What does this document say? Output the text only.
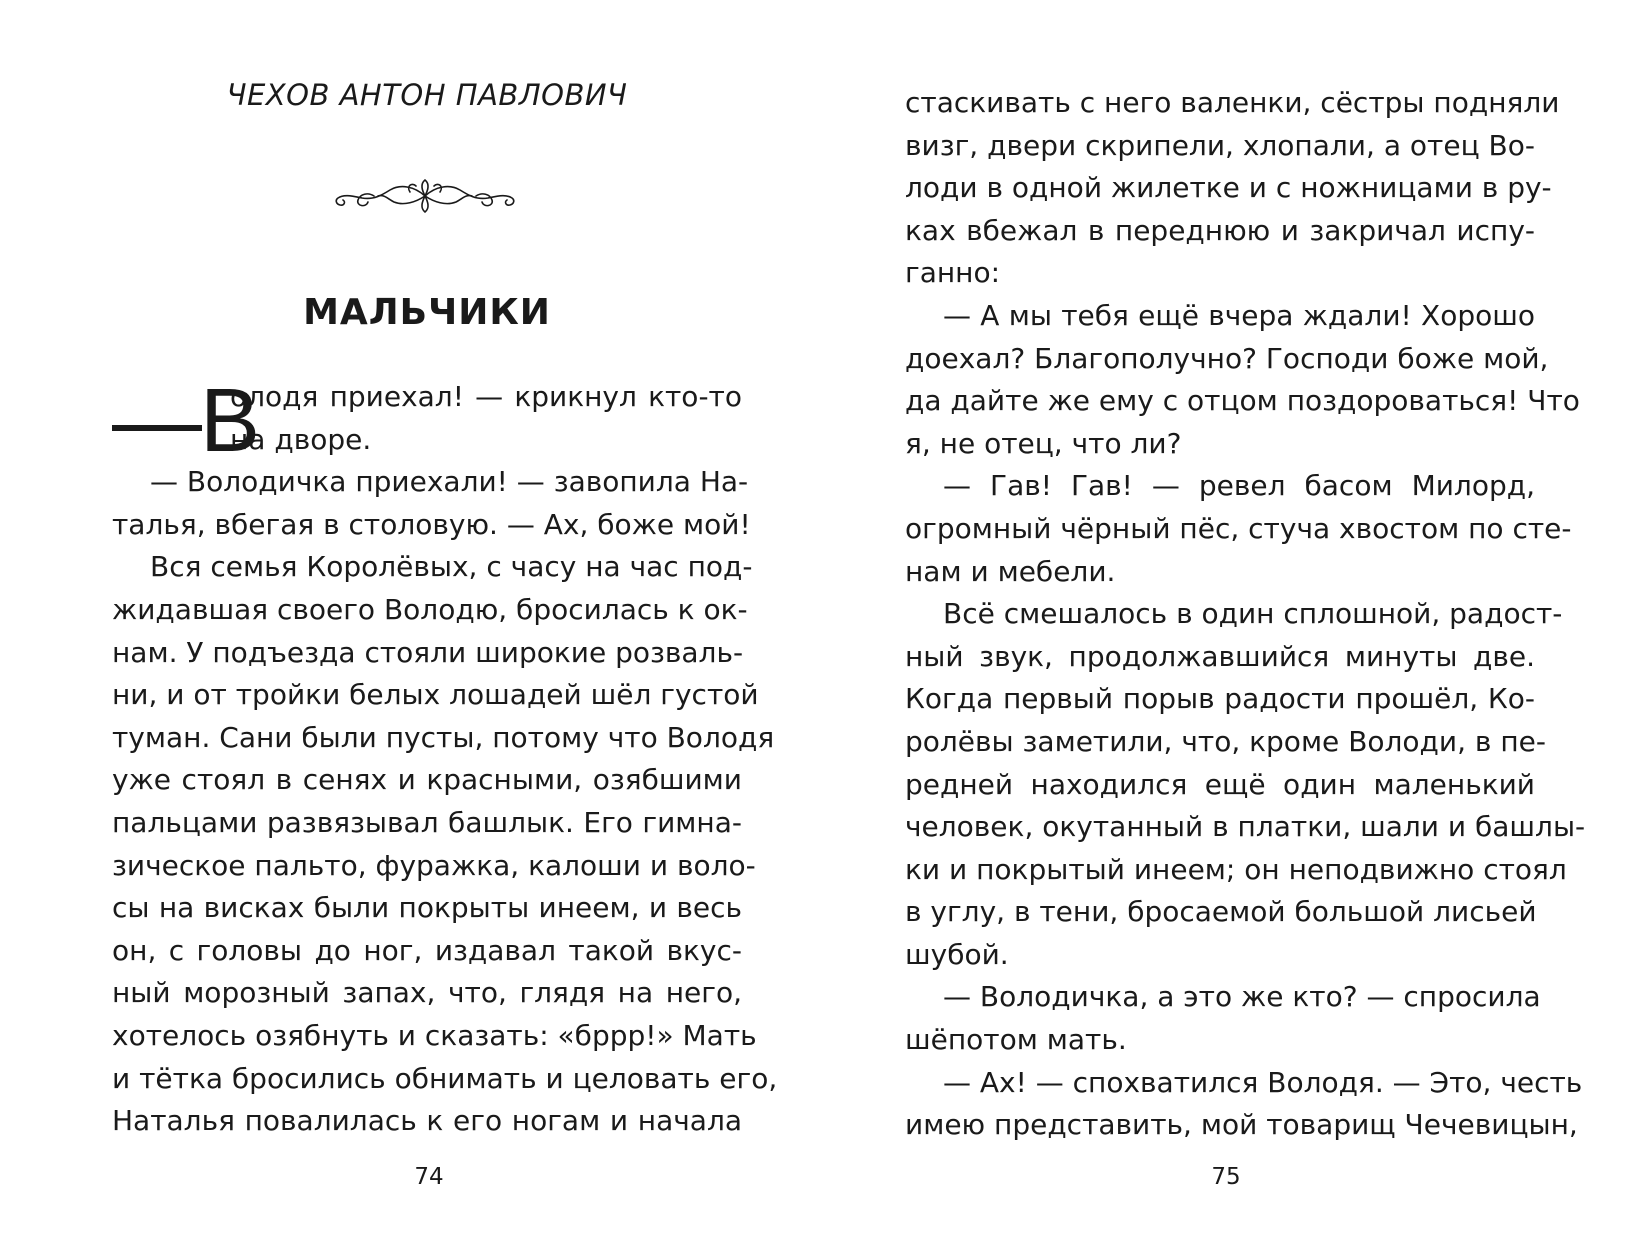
ЧЕХОВ АНТОН ПАВЛОВИЧ
МАЛЬЧИКИ
—В
олодя приехал! — крикнул кто-то
на дворе.
— Володичка приехали! — завопила На-
талья, вбегая в столовую. — Ах, боже мой!
Вся семья Королёвых, с часу на час под-
жидавшая своего Володю, бросилась к ок-
нам. У подъезда стояли широкие розваль-
ни, и от тройки белых лошадей шёл густой
туман. Сани были пусты, потому что Володя
уже стоял в сенях и красными, озябшими
пальцами развязывал башлык. Его гимна-
зическое пальто, фуражка, калоши и воло-
сы на висках были покрыты инеем, и весь
он, с головы до ног, издавал такой вкус-
ный морозный запах, что, глядя на него,
хотелось озябнуть и сказать: «бррр!» Мать
и тётка бросились обнимать и целовать его,
Наталья повалилась к его ногам и начала
74
стаскивать с него валенки, сёстры подняли
визг, двери скрипели, хлопали, а отец Во-
лоди в одной жилетке и с ножницами в ру-
ках вбежал в переднюю и закричал испу-
ганно:
— А мы тебя ещё вчера ждали! Хорошо
доехал? Благополучно? Господи боже мой,
да дайте же ему с отцом поздороваться! Что
я, не отец, что ли?
— Гав! Гав! — ревел басом Милорд,
огромный чёрный пёс, стуча хвостом по сте-
нам и мебели.
Всё смешалось в один сплошной, радост-
ный звук, продолжавшийся минуты две.
Когда первый порыв радости прошёл, Ко-
ролёвы заметили, что, кроме Володи, в пе-
редней находился ещё один маленький
человек, окутанный в платки, шали и башлы-
ки и покрытый инеем; он неподвижно стоял
в углу, в тени, бросаемой большой лисьей
шубой.
— Володичка, а это же кто? — спросила
шёпотом мать.
— Ах! — спохватился Володя. — Это, честь
имею представить, мой товарищ Чечевицын,
75
